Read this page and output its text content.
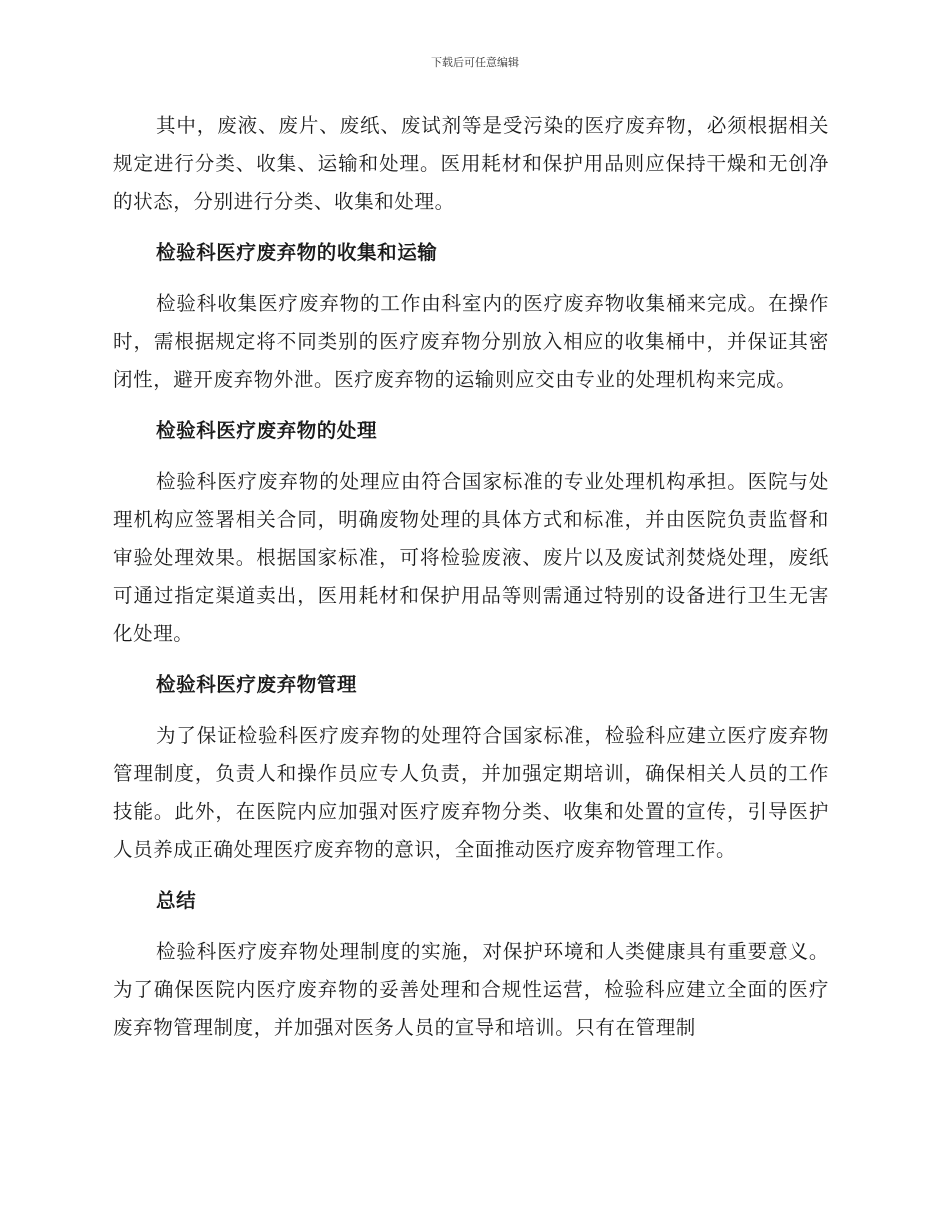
下载后可任意编辑

其中，废液、废片、废纸、废试剂等是受污染的医疗废弃物，必须根据相关规定进行分类、收集、运输和处理。医用耗材和保护用品则应保持干燥和无创净的状态，分别进行分类、收集和处理。

检验科医疗废弃物的收集和运输

检验科收集医疗废弃物的工作由科室内的医疗废弃物收集桶来完成。在操作时，需根据规定将不同类别的医疗废弃物分别放入相应的收集桶中，并保证其密闭性，避开废弃物外泄。医疗废弃物的运输则应交由专业的处理机构来完成。

检验科医疗废弃物的处理

检验科医疗废弃物的处理应由符合国家标准的专业处理机构承担。医院与处理机构应签署相关合同，明确废物处理的具体方式和标准，并由医院负责监督和审验处理效果。根据国家标准，可将检验废液、废片以及废试剂焚烧处理，废纸可通过指定渠道卖出，医用耗材和保护用品等则需通过特别的设备进行卫生无害化处理。

检验科医疗废弃物管理

为了保证检验科医疗废弃物的处理符合国家标准，检验科应建立医疗废弃物管理制度，负责人和操作员应专人负责，并加强定期培训，确保相关人员的工作技能。此外，在医院内应加强对医疗废弃物分类、收集和处置的宣传，引导医护人员养成正确处理医疗废弃物的意识，全面推动医疗废弃物管理工作。

总结

检验科医疗废弃物处理制度的实施，对保护环境和人类健康具有重要意义。为了确保医院内医疗废弃物的妥善处理和合规性运营，检验科应建立全面的医疗废弃物管理制度，并加强对医务人员的宣导和培训。只有在管理制
